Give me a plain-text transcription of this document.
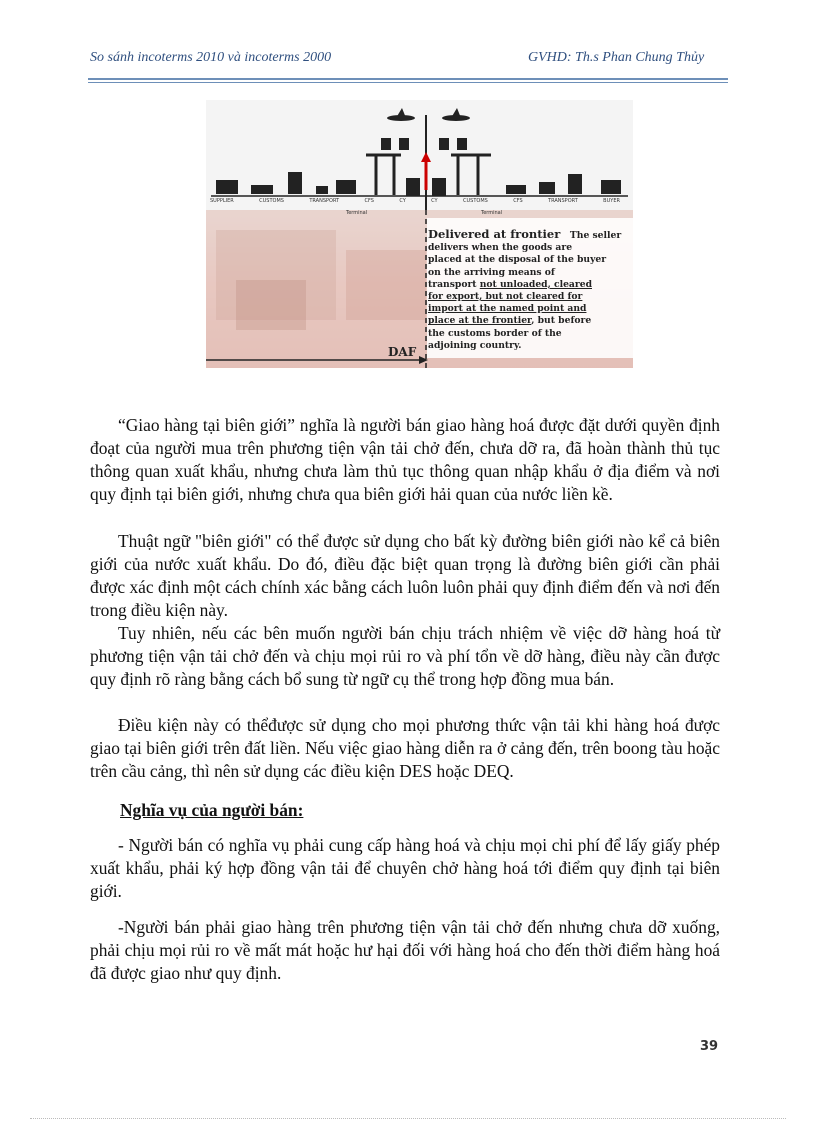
So sánh incoterms 2010 và incoterms 2000	GVHD: Th.s Phan Chung Thủy
SUPPLIER	CUSTOMS	TRANSPORT	CFS	CY	CY	CUSTOMS	CFS	TRANSPORT	BUYER
Terminal	Terminal
Delivered at frontier The seller delivers when the goods are
placed at the disposal of the buyer
on the arriving means of
transport not unloaded, cleared
for export, but not cleared for
import at the named point and
place at the frontier, but before
the customs border of the
adjoining country.
DAF

“Giao hàng tại biên giới” nghĩa là người bán giao hàng hoá được đặt dưới quyền định đoạt của người mua trên phương tiện vận tải chở đến, chưa dỡ ra, đã hoàn thành thủ tục thông quan xuất khẩu, nhưng chưa làm thủ tục thông quan nhập khẩu ở địa điểm và nơi quy định tại biên giới, nhưng chưa qua biên giới hải quan của nước liền kề.

Thuật ngữ "biên giới" có thể được sử dụng cho bất kỳ đường biên giới nào kể cả biên giới của nước xuất khẩu. Do đó, điều đặc biệt quan trọng là đường biên giới cần phải được xác định một cách chính xác bằng cách luôn luôn phải quy định điểm đến và nơi đến trong điều kiện này.

Tuy nhiên, nếu các bên muốn người bán chịu trách nhiệm về việc dỡ hàng hoá từ phương tiện vận tải chở đến và chịu mọi rủi ro và phí tổn về dỡ hàng, điều này cần được quy định rõ ràng bằng cách bổ sung từ ngữ cụ thể trong hợp đồng mua bán.

Điều kiện này có thểđược sử dụng cho mọi phương thức vận tải khi hàng hoá được giao tại biên giới trên đất liền. Nếu việc giao hàng diễn ra ở cảng đến, trên boong tàu hoặc trên cầu cảng, thì nên sử dụng các điều kiện DES hoặc DEQ.

Nghĩa vụ của người bán:

- Người bán có nghĩa vụ phải cung cấp hàng hoá và chịu mọi chi phí để lấy giấy phép xuất khẩu, phải ký hợp đồng vận tải để chuyên chở hàng hoá tới điểm quy định tại biên giới.

-Người bán phải giao hàng trên phương tiện vận tải chở đến nhưng chưa dỡ xuống, phải chịu mọi rủi ro về mất mát hoặc hư hại đối với hàng hoá cho đến thời điểm hàng hoá đã được giao như quy định.

39
